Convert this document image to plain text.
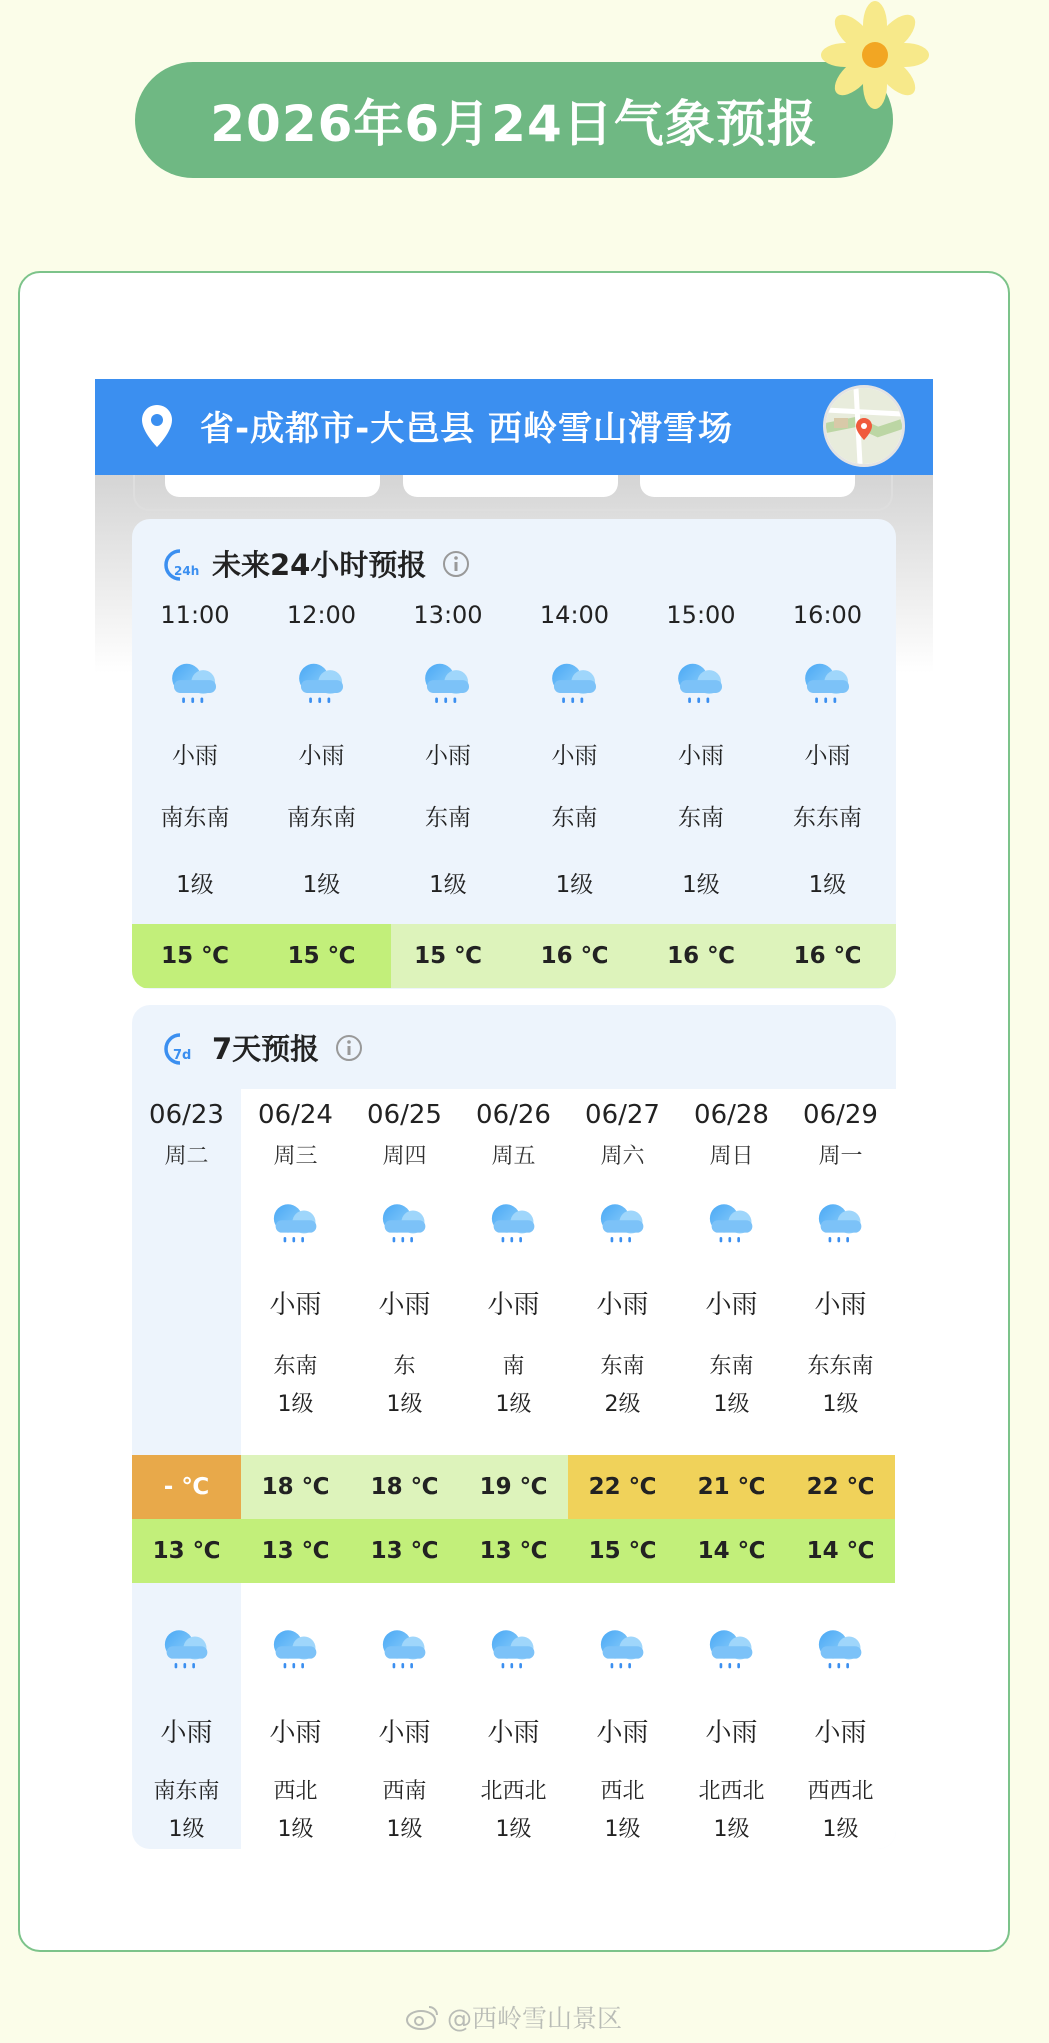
2026年6月24日气象预报
省-成都市-大邑县 西岭雪山滑雪场
24h 未来24小时预报
11:00
小雨
南东南
1级
15 ℃
12:00
小雨
南东南
1级
15 ℃
13:00
小雨
东南
1级
15 ℃
14:00
小雨
东南
1级
16 ℃
15:00
小雨
东南
1级
16 ℃
16:00
小雨
东东南
1级
16 ℃
7d 7天预报
06/23
周二
- ℃
13 ℃
小雨
南东南
1级
06/24
周三
小雨
东南
1级
18 ℃
13 ℃
小雨
西北
1级
06/25
周四
小雨
东
1级
18 ℃
13 ℃
小雨
西南
1级
06/26
周五
小雨
南
1级
19 ℃
13 ℃
小雨
北西北
1级
06/27
周六
小雨
东南
2级
22 ℃
15 ℃
小雨
西北
1级
06/28
周日
小雨
东南
1级
21 ℃
14 ℃
小雨
北西北
1级
06/29
周一
小雨
东东南
1级
22 ℃
14 ℃
小雨
西西北
1级
@西岭雪山景区
